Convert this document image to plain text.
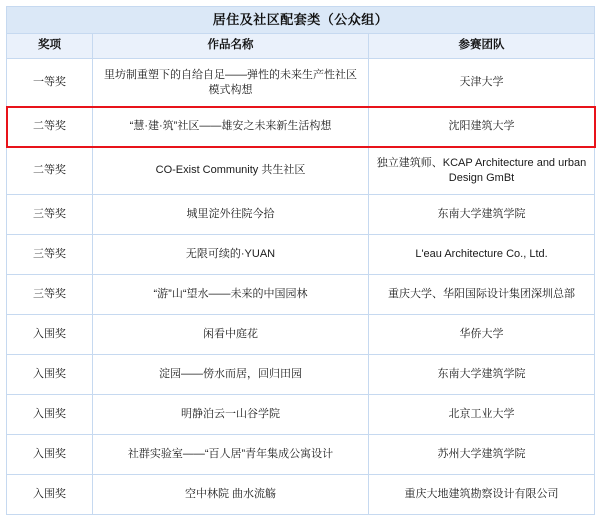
居住及社区配套类（公众组）		
奖项	作品名称	参赛团队
一等奖	里坊制重塑下的自给自足——弹性的未来生产性社区模式构想	天津大学
二等奖	“慧·建·筑”社区——雄安之未来新生活构想	沈阳建筑大学
二等奖	CO-Exist Community 共生社区	独立建筑师、KCAP Architecture and urban Design GmBt
三等奖	城里淀外往院今拾	东南大学建筑学院
三等奖	无限可续的·YUAN	L'eau Architecture Co., Ltd.
三等奖	“游”山“望水——未来的中国园林	重庆大学、华阳国际设计集团深圳总部
入围奖	闲看中庭花	华侨大学
入围奖	淀园——傍水而居，回归田园	东南大学建筑学院
入围奖	明静泊云一山谷学院	北京工业大学
入围奖	社群实验室——“百人居”青年集成公寓设计	苏州大学建筑学院
入围奖	空中林院 曲水流觞	重庆大地建筑勘察设计有限公司
